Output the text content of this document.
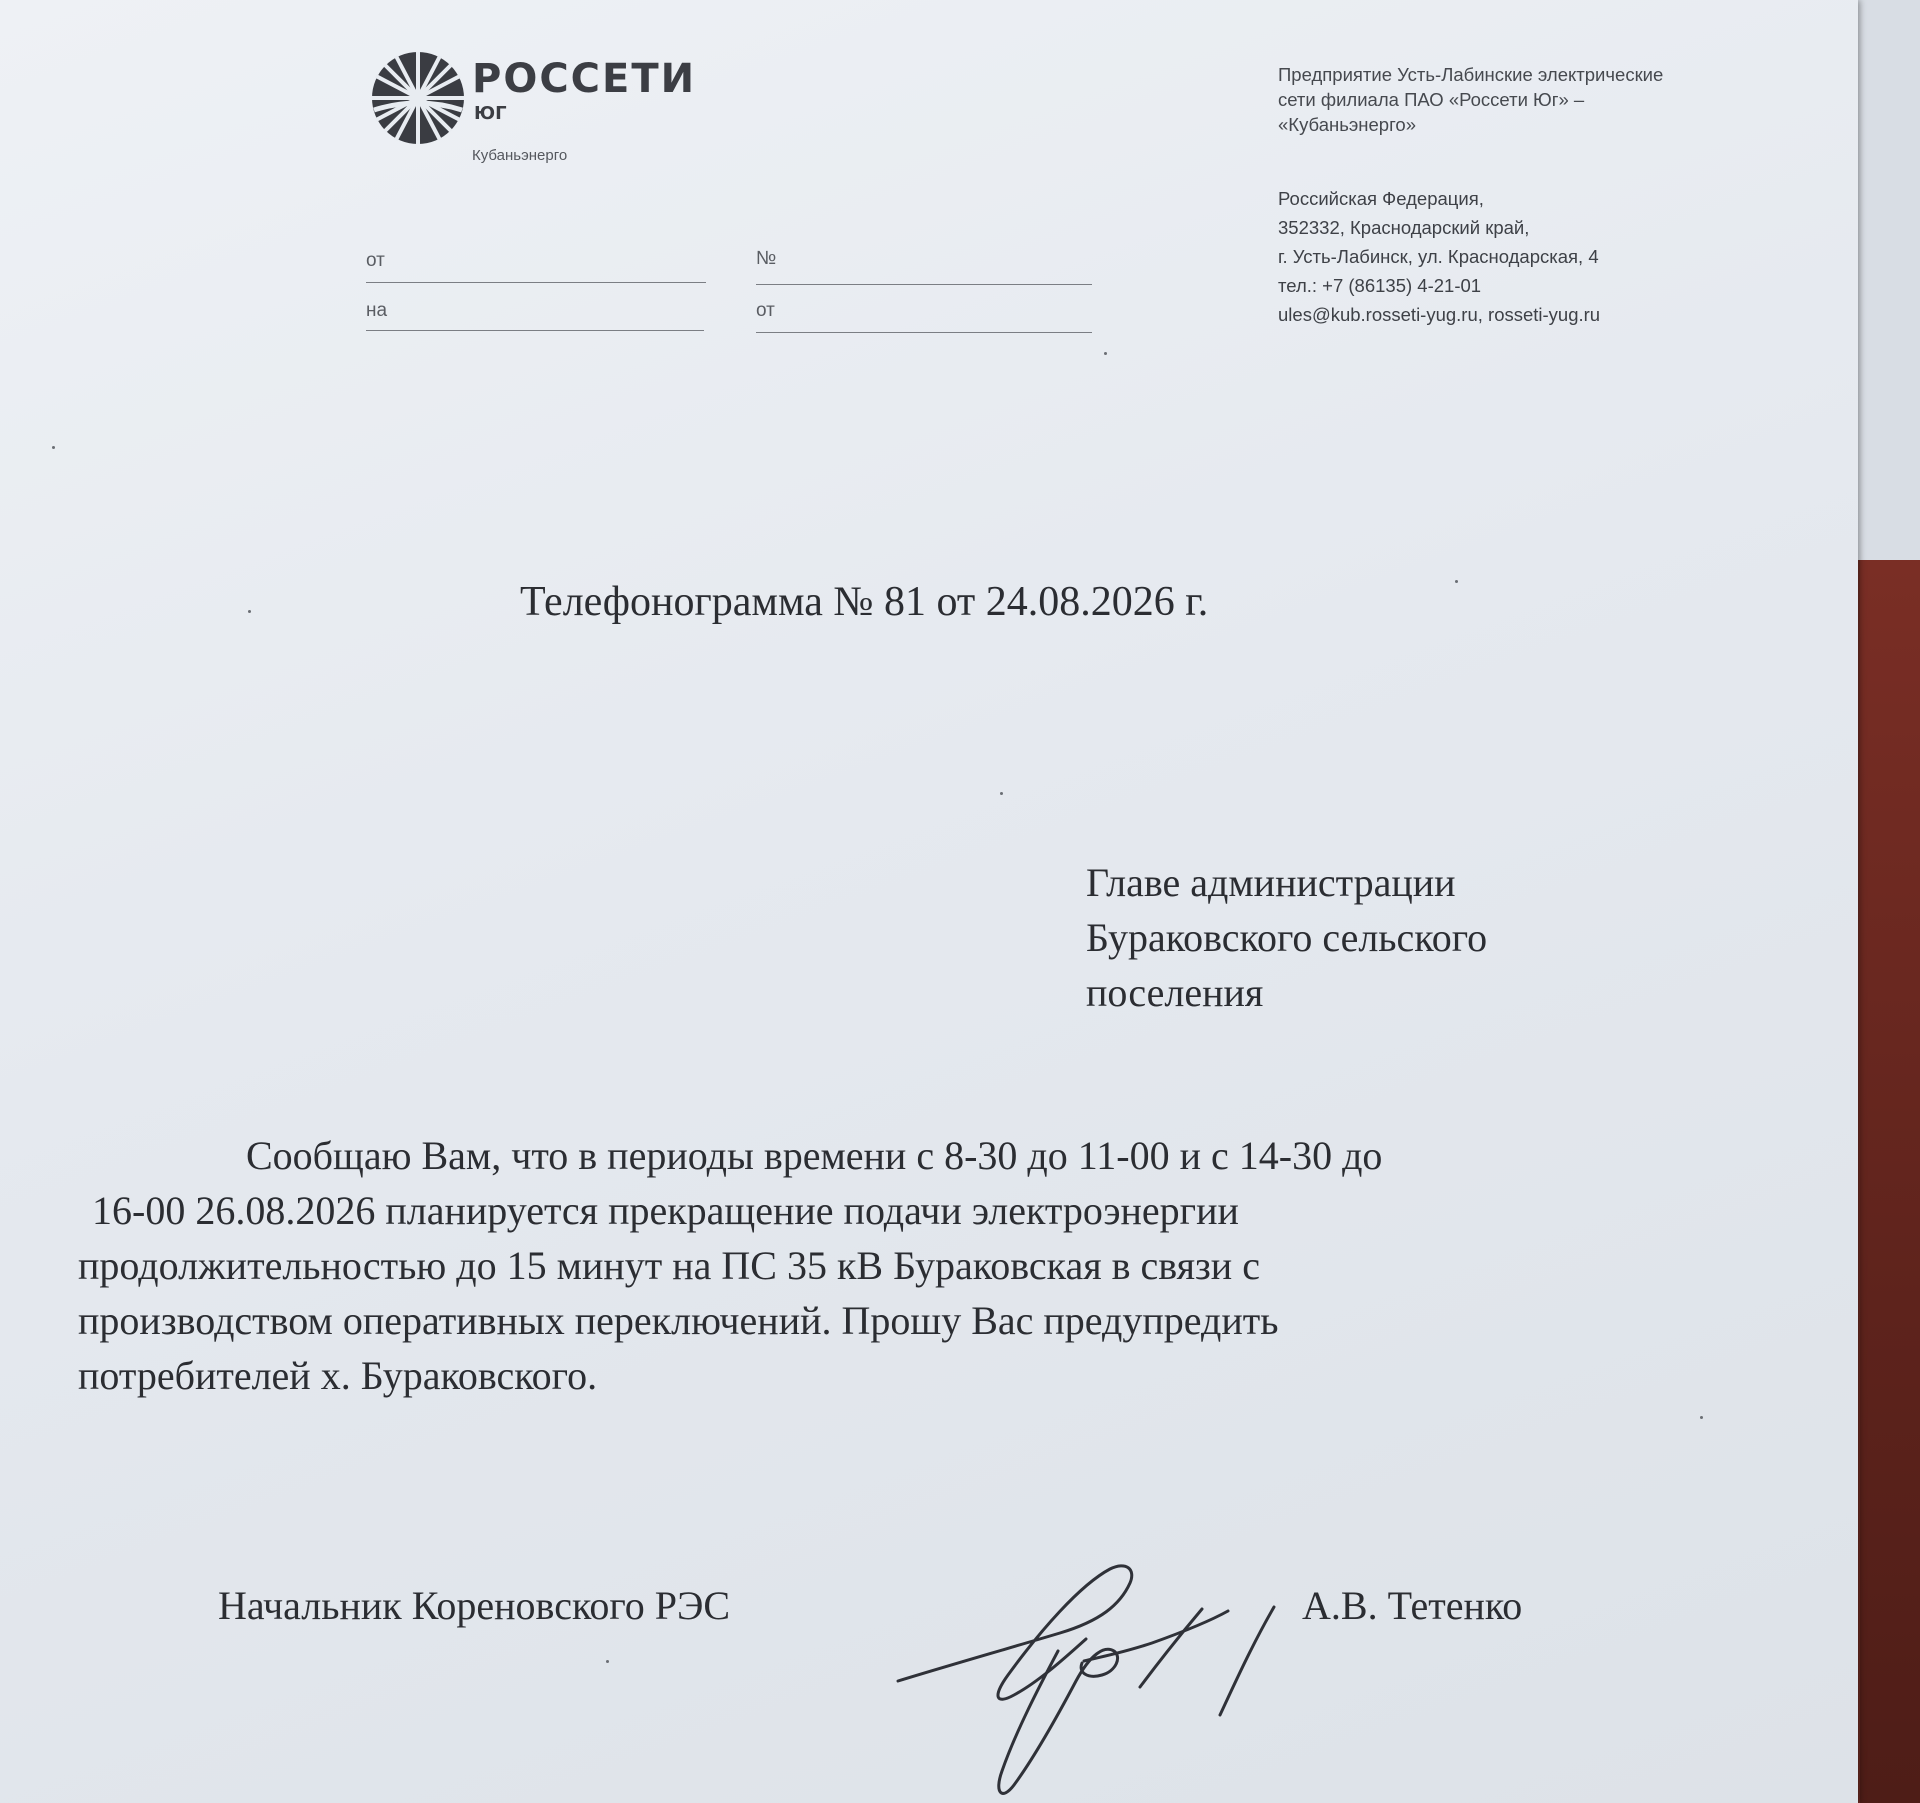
РОССЕТИ
ЮГ
Кубаньэнерго
от	№
на	от
Предприятие Усть-Лабинские электрические
сети филиала ПАО «Россети Юг» –
«Кубаньэнерго»
Российская Федерация,
352332, Краснодарский край,
г. Усть-Лабинск, ул. Краснодарская, 4
тел.: +7 (86135) 4-21-01
ules@kub.rosseti-yug.ru, rosseti-yug.ru
Телефонограмма № 81 от 24.08.2026 г.
Главе администрации
Бураковского сельского
поселения
Сообщаю Вам, что в периоды времени с 8-30 до 11-00 и с 14-30 до
16-00 26.08.2026 планируется прекращение подачи электроэнергии
продолжительностью до 15 минут на ПС 35 кВ Бураковская в связи с
производством оперативных переключений. Прошу Вас предупредить
потребителей х. Бураковского.
Начальник Кореновского РЭС	А.В. Тетенко
